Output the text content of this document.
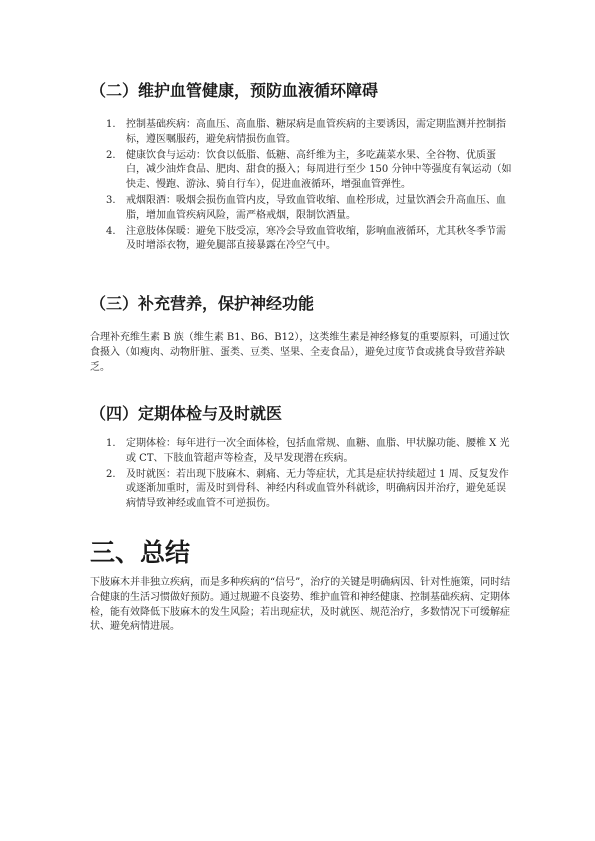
（二）维护血管健康，预防血液循环障碍
1.	控制基础疾病：高血压、高血脂、糖尿病是血管疾病的主要诱因，需定期监测并控制指标，遵医嘱服药，避免病情损伤血管。
2.	健康饮食与运动：饮食以低脂、低糖、高纤维为主，多吃蔬菜水果、全谷物、优质蛋白，减少油炸食品、肥肉、甜食的摄入；每周进行至少 150 分钟中等强度有氧运动（如快走、慢跑、游泳、骑自行车），促进血液循环，增强血管弹性。
3.	戒烟限酒：吸烟会损伤血管内皮，导致血管收缩、血栓形成，过量饮酒会升高血压、血脂，增加血管疾病风险，需严格戒烟，限制饮酒量。
4.	注意肢体保暖：避免下肢受凉，寒冷会导致血管收缩，影响血液循环，尤其秋冬季节需及时增添衣物，避免腿部直接暴露在冷空气中。
（三）补充营养，保护神经功能

合理补充维生素 B 族（维生素 B1、B6、B12），这类维生素是神经修复的重要原料，可通过饮食摄入（如瘦肉、动物肝脏、蛋类、豆类、坚果、全麦食品），避免过度节食或挑食导致营养缺乏。

（四）定期体检与及时就医
1.	定期体检：每年进行一次全面体检，包括血常规、血糖、血脂、甲状腺功能、腰椎 X 光或 CT、下肢血管超声等检查，及早发现潜在疾病。
2.	及时就医：若出现下肢麻木、刺痛、无力等症状，尤其是症状持续超过 1 周、反复发作或逐渐加重时，需及时到骨科、神经内科或血管外科就诊，明确病因并治疗，避免延误病情导致神经或血管不可逆损伤。
三、总结

下肢麻木并非独立疾病，而是多种疾病的“信号”，治疗的关键是明确病因、针对性施策，同时结合健康的生活习惯做好预防。通过规避不良姿势、维护血管和神经健康、控制基础疾病、定期体检，能有效降低下肢麻木的发生风险；若出现症状，及时就医、规范治疗，多数情况下可缓解症状、避免病情进展。
